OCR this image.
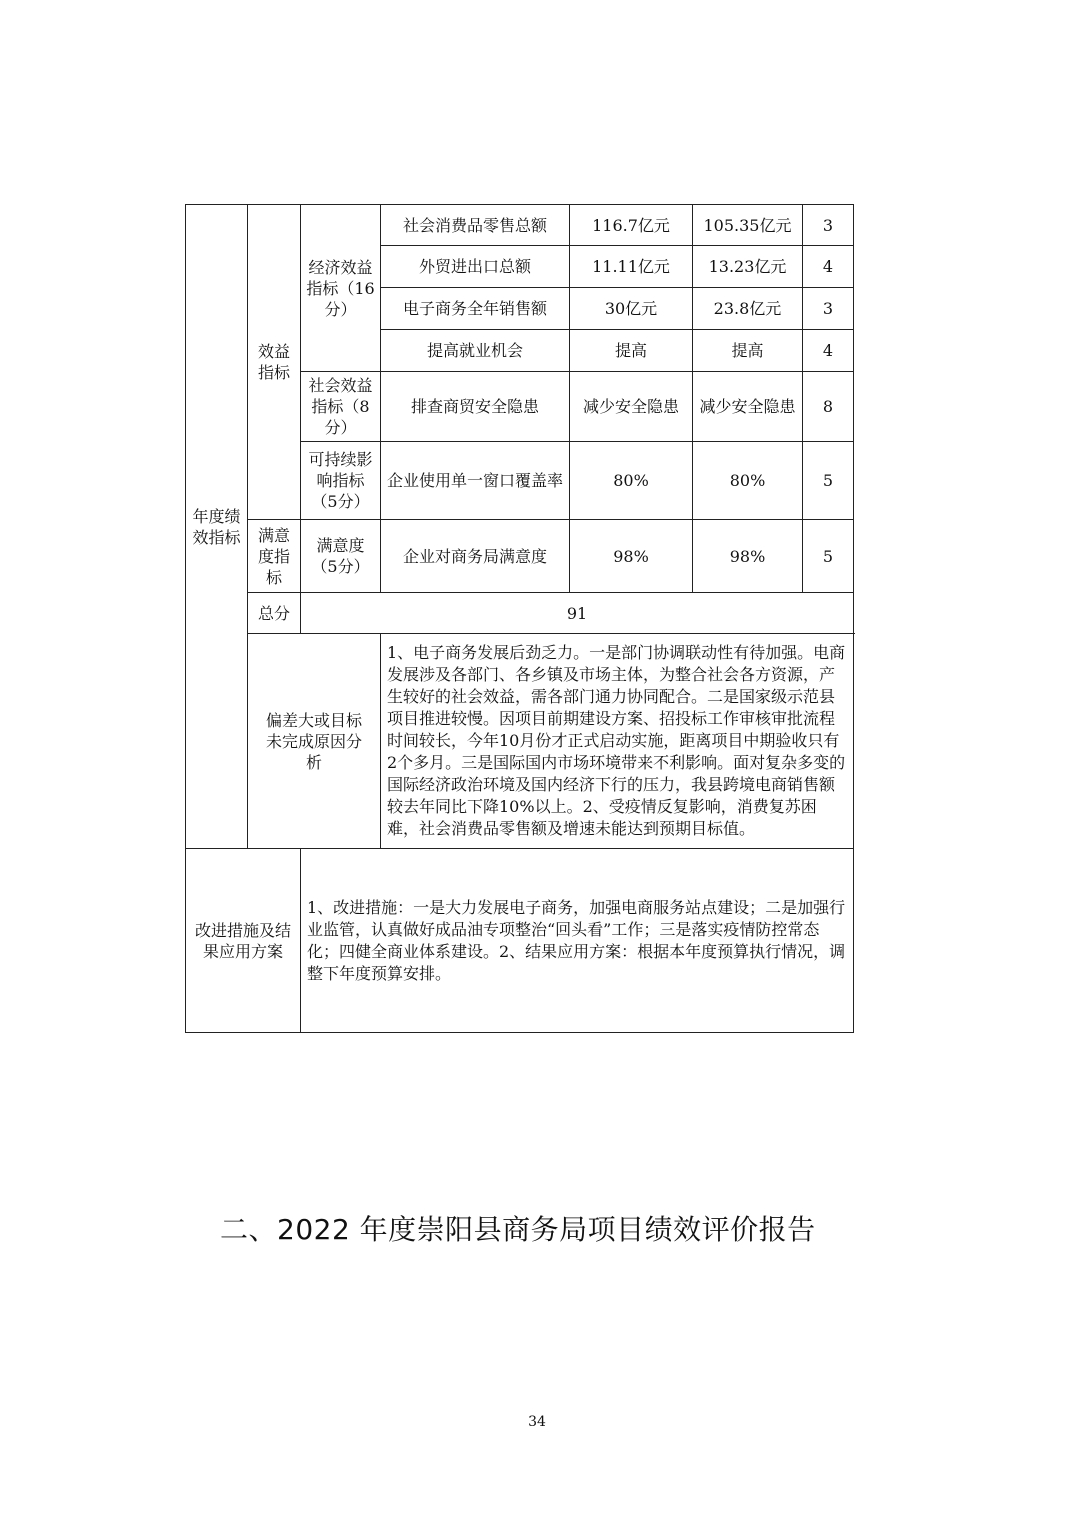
年度绩效指标	效益指标	经济效益指标（16分）	社会消费品零售总额	116.7亿元	105.35亿元	3
			外贸进出口总额	11.11亿元	13.23亿元	4
			电子商务全年销售额	30亿元	23.8亿元	3
			提高就业机会	提高	提高	4
		社会效益指标（8分）	排查商贸安全隐患	减少安全隐患	减少安全隐患	8
		可持续影响指标（5分）	企业使用单一窗口覆盖率	80%	80%	5
	满意度指标	满意度（5分）	企业对商务局满意度	98%	98%	5
	总分	91				
	偏差大或目标未完成原因分析		1、电子商务发展后劲乏力。一是部门协调联动性有待加强。电商发展涉及各部门、各乡镇及市场主体，为整合社会各方资源，产生较好的社会效益，需各部门通力协同配合。二是国家级示范县项目推进较慢。因项目前期建设方案、招投标工作审核审批流程时间较长，今年10月份才正式启动实施，距离项目中期验收只有2个多月。三是国际国内市场环境带来不利影响。面对复杂多变的国际经济政治环境及国内经济下行的压力，我县跨境电商销售额较去年同比下降10%以上。2、受疫情反复影响，消费复苏困难，社会消费品零售额及增速未能达到预期目标值。			
改进措施及结果应用方案		1、改进措施：一是大力发展电子商务，加强电商服务站点建设；二是加强行业监管，认真做好成品油专项整治“回头看”工作；三是落实疫情防控常态化；四健全商业体系建设。2、结果应用方案：根据本年度预算执行情况，调整下年度预算安排。				
二、2022 年度崇阳县商务局项目绩效评价报告
34
